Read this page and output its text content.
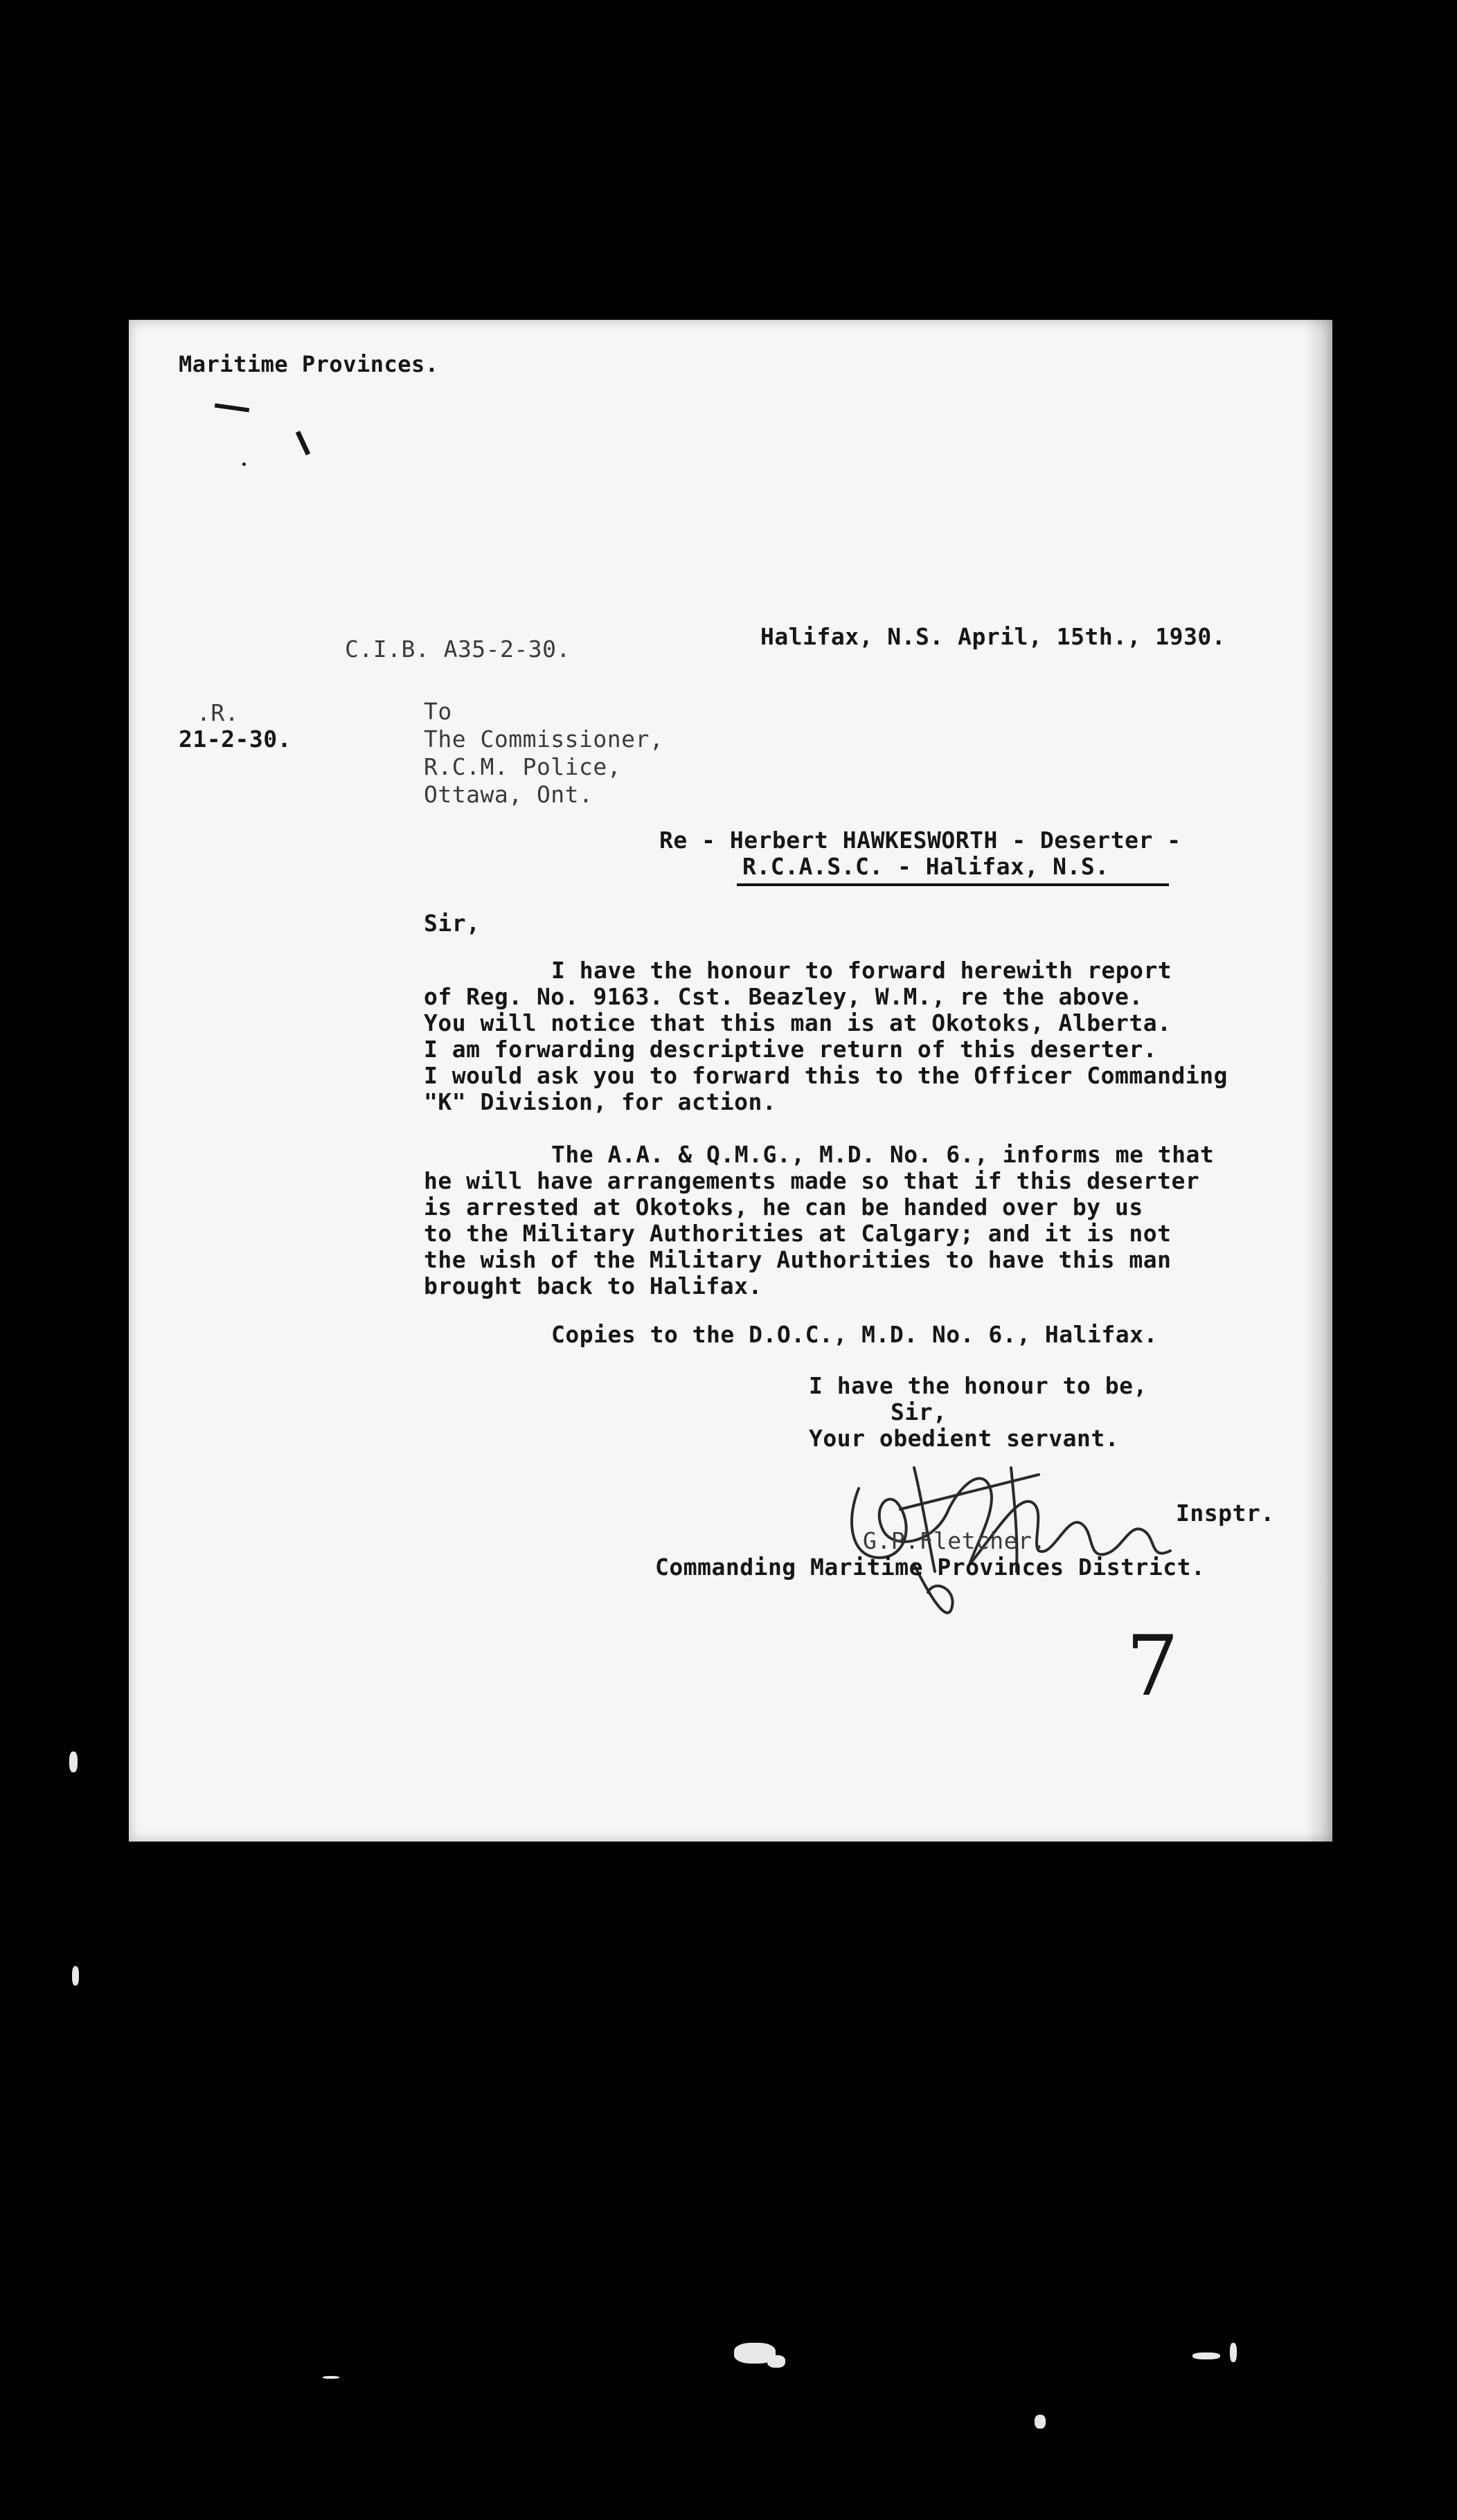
Maritime Provinces.
C.I.B. A35-2-30.	Halifax, N.S. April, 15th., 1930.
.R.
21-2-30.
To
The Commissioner,
R.C.M. Police,
Ottawa, Ont.
Re - Herbert HAWKESWORTH - Deserter -
R.C.A.S.C. - Halifax, N.S.
Sir,
I have the honour to forward herewith report
of Reg. No. 9163. Cst. Beazley, W.M., re the above.
You will notice that this man is at Okotoks, Alberta.
I am forwarding descriptive return of this deserter.
I would ask you to forward this to the Officer Commanding
"K" Division, for action.
The A.A. & Q.M.G., M.D. No. 6., informs me that
he will have arrangements made so that if this deserter
is arrested at Okotoks, he can be handed over by us
to the Military Authorities at Calgary; and it is not
the wish of the Military Authorities to have this man
brought back to Halifax.
Copies to the D.O.C., M.D. No. 6., Halifax.
I have the honour to be,
Sir,
Your obedient servant.
Insptr.
G.P.Fletcher.
Commanding Maritime Provinces District.
7
